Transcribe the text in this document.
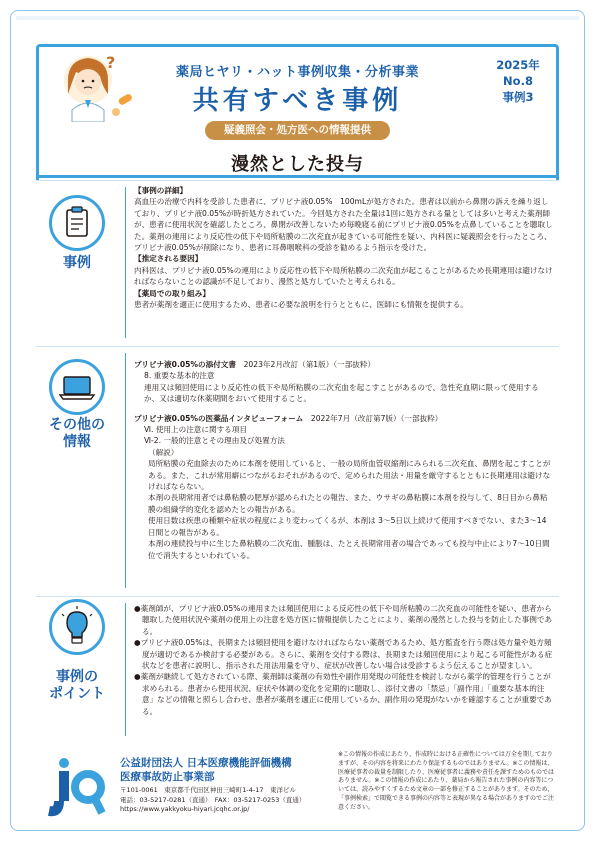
?
薬局ヒヤリ・ハット事例収集・分析事業
共有すべき事例
疑義照会・処方医への情報提供
2025年
No.8
事例3
漫然とした投与
事例
【事例の詳細】
高血圧の治療で内科を受診した患者に、プリビナ液0.05%　100mLが処方された。患者は以前から鼻閉の訴えを繰り返しており、プリビナ液0.05%が時折処方されていた。今回処方された全量は1回に処方される量としては多いと考えた薬剤師が、患者に使用状況を確認したところ、鼻閉が改善しないため毎晩寝る前にプリビナ液0.05%を点鼻していることを聴取した。薬剤の連用により反応性の低下や局所粘膜の二次充血が起きている可能性を疑い、内科医に疑義照会を行ったところ、プリビナ液0.05%が削除になり、患者に耳鼻咽喉科の受診を勧めるよう指示を受けた。
【推定される要因】
内科医は、プリビナ液0.05%の連用により反応性の低下や局所粘膜の二次充血が起こることがあるため長期連用は避けなければならないことの認識が不足しており、漫然と処方していたと考えられる。
【薬局での取り組み】
患者が薬剤を適正に使用するため、患者に必要な説明を行うとともに、医師にも情報を提供する。
その他の
情報
プリビナ液0.05%の添付文書　 2023年2月改訂（第1版）（一部抜粋）
8. 重要な基本的注意
連用又は頻回使用により反応性の低下や局所粘膜の二次充血を起こすことがあるので、急性充血期に限って使用するか、又は適切な休薬期間をおいて使用すること。
プリビナ液0.05%の医薬品インタビューフォーム　 2022年7月（改訂第7版）（一部抜粋）
Ⅵ. 使用上の注意に関する項目
Ⅵ-2. 一般的注意とその理由及び処置方法
（解説）
局所粘膜の充血除去のために本剤を使用していると、一般の局所血管収縮剤にみられる二次充血、鼻閉を起こすことがある。また、これが常用癖につながるおそれがあるので、定められた用法・用量を厳守するとともに長期連用は避けなければならない。
本剤の長期常用者では鼻粘膜の肥厚が認められたとの報告、また、ウサギの鼻粘膜に本剤を投与して、8日目から鼻粘膜の組織学的変化を認めたとの報告がある。
使用日数は疾患の種類や症状の程度により変わってくるが、本剤は 3～5日以上続けて使用すべきでない、また3～14日間との報告がある。
本剤の連続投与中に生じた鼻粘膜の二次充血、腫脹は、たとえ長期常用者の場合であっても投与中止により7～10日間位で消失するといわれている。
事例の
ポイント
●薬剤師が、プリビナ液0.05%の連用または頻回使用による反応性の低下や局所粘膜の二次充血の可能性を疑い、患者から聴取した使用状況や薬剤の使用上の注意を処方医に情報提供したことにより、薬剤の漫然とした投与を防止した事例である。
●プリビナ液0.05%は、長期または頻回使用を避けなければならない薬剤であるため、処方監査を行う際は処方量や処方頻度が適切であるか検討する必要がある。さらに、薬剤を交付する際は、長期または頻回使用により起こる可能性がある症状などを患者に説明し、指示された用法用量を守り、症状が改善しない場合は受診するよう伝えることが望ましい。
●薬剤が継続して処方されている際、薬剤師は薬剤の有効性や副作用発現の可能性を検討しながら薬学的管理を行うことが求められる。患者から使用状況、症状や体調の変化を定期的に聴取し、添付文書の「禁忌」「副作用」「重要な基本的注意」などの情報と照らし合わせ、患者が薬剤を適正に使用しているか、副作用の発現がないかを確認することが重要である。
公益財団法人 日本医療機能評価機構
医療事故防止事業部
〒101-0061　東京都千代田区神田三崎町1-4-17　東洋ビル
電話：03-5217-0281（直通）　FAX：03-5217-0253（直通）
https://www.yakkyoku-hiyari.jcqhc.or.jp/
※この情報の作成にあたり、作成時における正確性については万全を期しておりますが、その内容を将来にわたり保証するものではありません。※この情報は、医療従事者の裁量を制限したり、医療従事者に義務や責任を課すためのものではありません。※この情報の作成にあたり、薬局から報告された事例の内容等については、読みやすくするため文章の一部を修正することがあります。そのため、「事例検索」で閲覧できる事例の内容等と表現が異なる場合がありますのでご注意ください。
